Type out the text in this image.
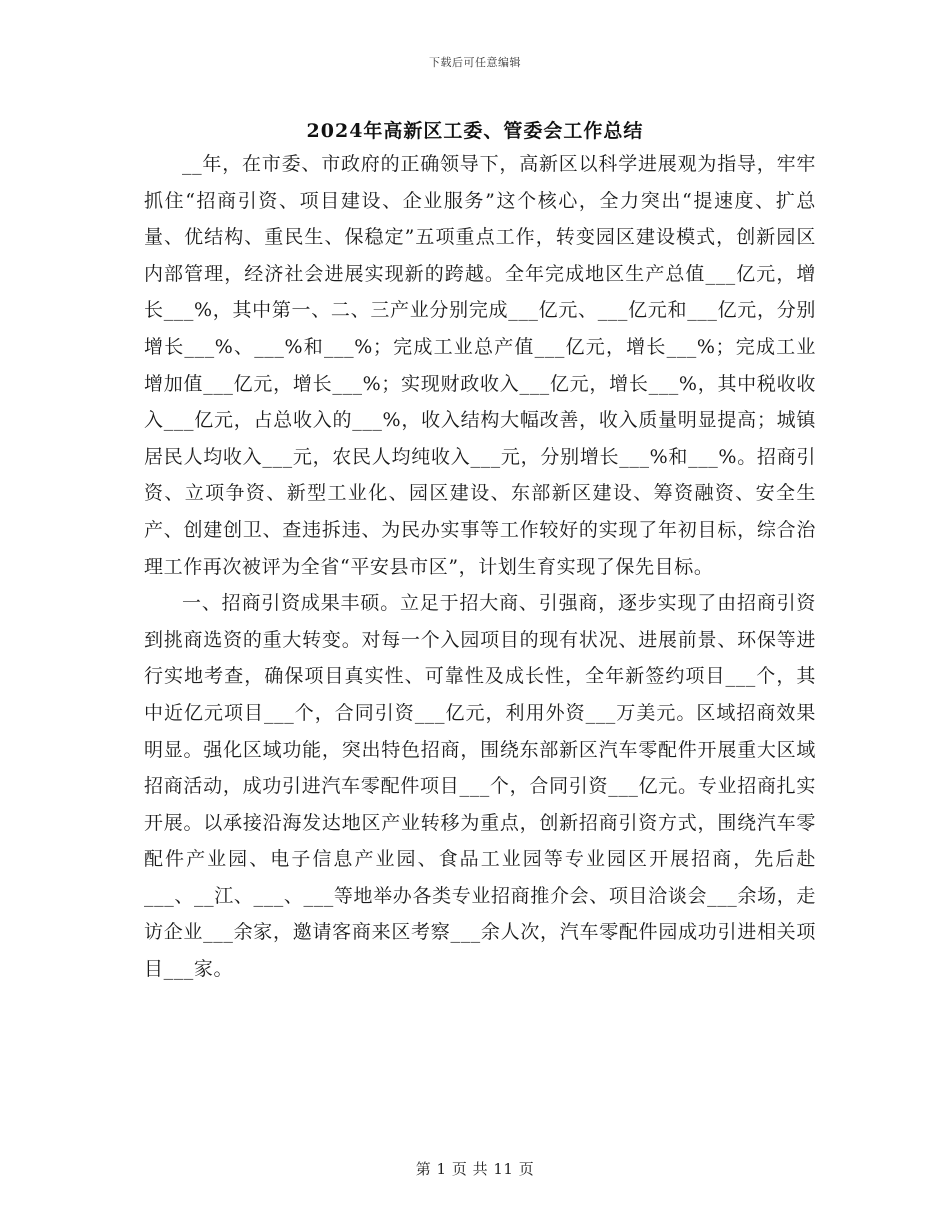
下载后可任意编辑
2024年高新区工委、管委会工作总结

__年，在市委、市政府的正确领导下，高新区以科学进展观为指导，牢牢抓住“招商引资、项目建设、企业服务”这个核心，全力突出“提速度、扩总量、优结构、重民生、保稳定”五项重点工作，转变园区建设模式，创新园区内部管理，经济社会进展实现新的跨越。全年完成地区生产总值___亿元，增长___%，其中第一、二、三产业分别完成___亿元、___亿元和___亿元，分别增长___%、___%和___%；完成工业总产值___亿元，增长___%；完成工业增加值___亿元，增长___%；实现财政收入___亿元，增长___%，其中税收收入___亿元，占总收入的___%，收入结构大幅改善，收入质量明显提高；城镇居民人均收入___元，农民人均纯收入___元，分别增长___%和___%。招商引资、立项争资、新型工业化、园区建设、东部新区建设、筹资融资、安全生产、创建创卫、查违拆违、为民办实事等工作较好的实现了年初目标，综合治理工作再次被评为全省“平安县市区”，计划生育实现了保先目标。

一、招商引资成果丰硕。立足于招大商、引强商，逐步实现了由招商引资到挑商选资的重大转变。对每一个入园项目的现有状况、进展前景、环保等进行实地考查，确保项目真实性、可靠性及成长性，全年新签约项目___个，其中近亿元项目___个，合同引资___亿元，利用外资___万美元。区域招商效果明显。强化区域功能，突出特色招商，围绕东部新区汽车零配件开展重大区域招商活动，成功引进汽车零配件项目___个，合同引资___亿元。专业招商扎实开展。以承接沿海发达地区产业转移为重点，创新招商引资方式，围绕汽车零配件产业园、电子信息产业园、食品工业园等专业园区开展招商，先后赴___、__江、___、___等地举办各类专业招商推介会、项目洽谈会___余场，走访企业___余家，邀请客商来区考察___余人次，汽车零配件园成功引进相关项目___家。

第 1 页 共 11 页
